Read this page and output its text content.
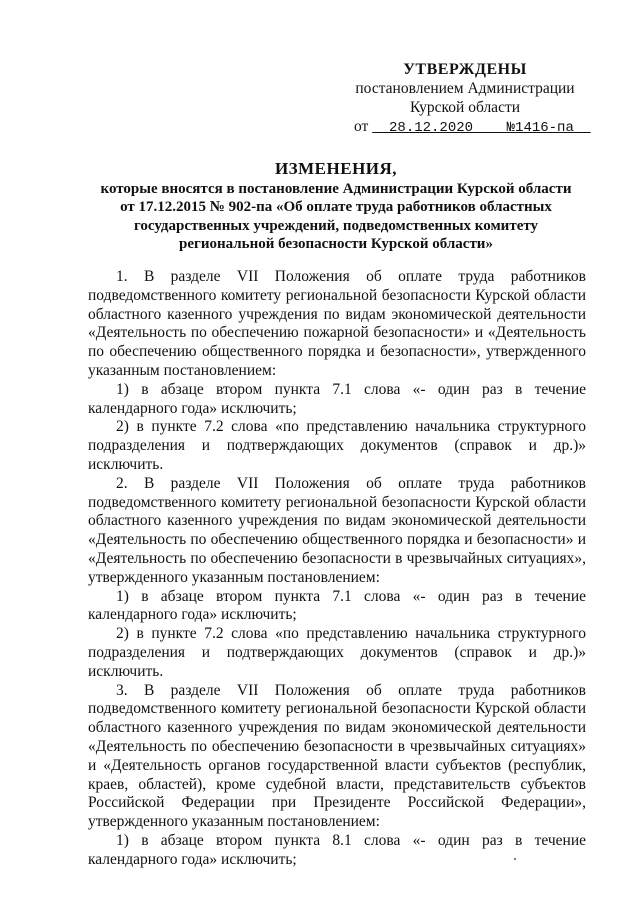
УТВЕРЖДЕНЫ
постановлением Администрации
Курской области
от 28.12.2020 №1416-па
ИЗМЕНЕНИЯ,
которые вносятся в постановление Администрации Курской области
от 17.12.2015 № 902-па «Об оплате труда работников областных
государственных учреждений, подведомственных комитету
региональной безопасности Курской области»
1. В разделе VII Положения об оплате труда работников
подведомственного комитету региональной безопасности Курской области
областного казенного учреждения по видам экономической деятельности
«Деятельность по обеспечению пожарной безопасности» и «Деятельность
по обеспечению общественного порядка и безопасности», утвержденного
указанным постановлением:
1) в абзаце втором пункта 7.1 слова «- один раз в течение
календарного года» исключить;
2) в пункте 7.2 слова «по представлению начальника структурного
подразделения и подтверждающих документов (справок и др.)»
исключить.
2. В разделе VII Положения об оплате труда работников
подведомственного комитету региональной безопасности Курской области
областного казенного учреждения по видам экономической деятельности
«Деятельность по обеспечению общественного порядка и безопасности» и
«Деятельность по обеспечению безопасности в чрезвычайных ситуациях»,
утвержденного указанным постановлением:
1) в абзаце втором пункта 7.1 слова «- один раз в течение
календарного года» исключить;
2) в пункте 7.2 слова «по представлению начальника структурного
подразделения и подтверждающих документов (справок и др.)»
исключить.
3. В разделе VII Положения об оплате труда работников
подведомственного комитету региональной безопасности Курской области
областного казенного учреждения по видам экономической деятельности
«Деятельность по обеспечению безопасности в чрезвычайных ситуациях»
и «Деятельность органов государственной власти субъектов (республик,
краев, областей), кроме судебной власти, представительств субъектов
Российской Федерации при Президенте Российской Федерации»,
утвержденного указанным постановлением:
1) в абзаце втором пункта 8.1 слова «- один раз в течение
календарного года» исключить;
